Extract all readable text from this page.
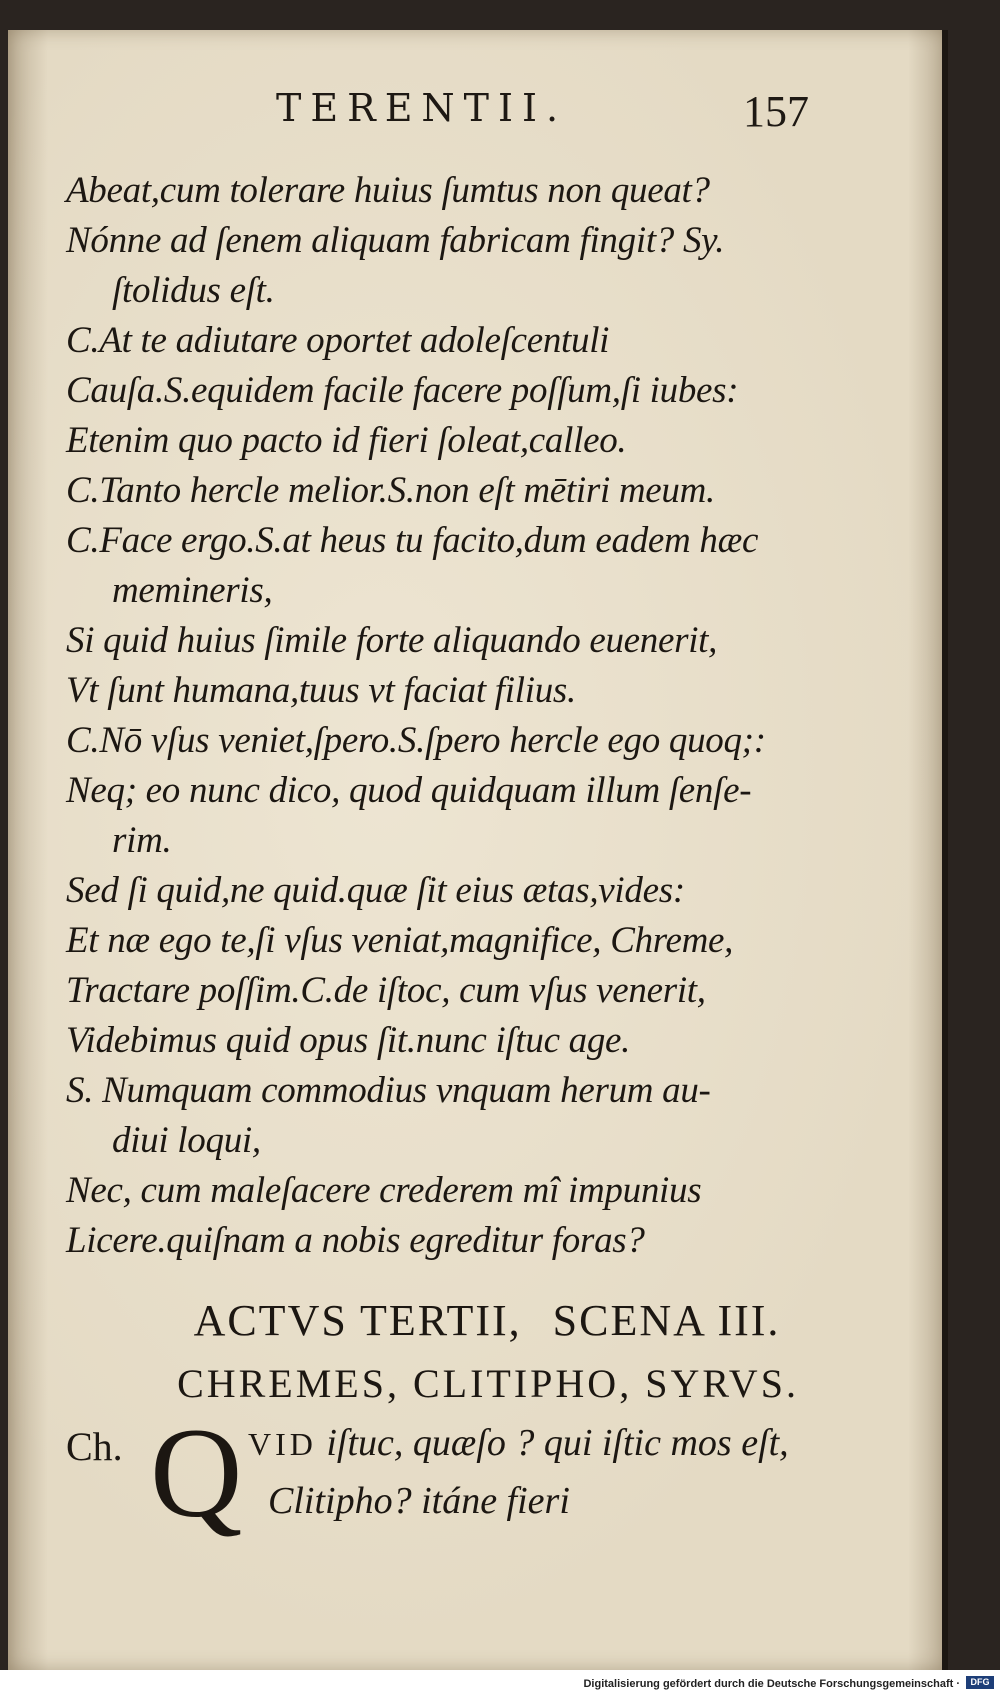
TERENTII.	157
Abeat,cum tolerare huius ſumtus non queat?
Nónne ad ſenem aliquam fabricam fingit? Sy.
ſtolidus eſt.
C.At te adiutare oportet adoleſcentuli
Cauſa.S.equidem facile facere poſſum,ſi iubes:
Etenim quo pacto id fieri ſoleat,calleo.
C.Tanto hercle melior.S.non eſt mētiri meum.
C.Face ergo.S.at heus tu facito,dum eadem hæc
memineris,
Si quid huius ſimile forte aliquando euenerit,
Vt ſunt humana,tuus vt faciat filius.
C.Nō vſus veniet,ſpero.S.ſpero hercle ego quoq;:
Neq; eo nunc dico, quod quidquam illum ſenſe-
rim.
Sed ſi quid,ne quid.quæ ſit eius ætas,vides:
Et næ ego te,ſi vſus veniat,magnifice, Chreme,
Tractare poſſim.C.de iſtoc, cum vſus venerit,
Videbimus quid opus ſit.nunc iſtuc age.
S. Numquam commodius vnquam herum au-
diui loqui,
Nec, cum maleſacere crederem mî impunius
Licere.quiſnam a nobis egreditur foras?
ACTVS TERTII, SCENA III.
CHREMES, CLITIPHO, SYRVS.
Ch. Q VID iſtuc, quæſo ? qui iſtic mos eſt,
Clitipho? itáne fieri
Digitalisierung gefördert durch die Deutsche Forschungsgemeinschaft ·	DFG
